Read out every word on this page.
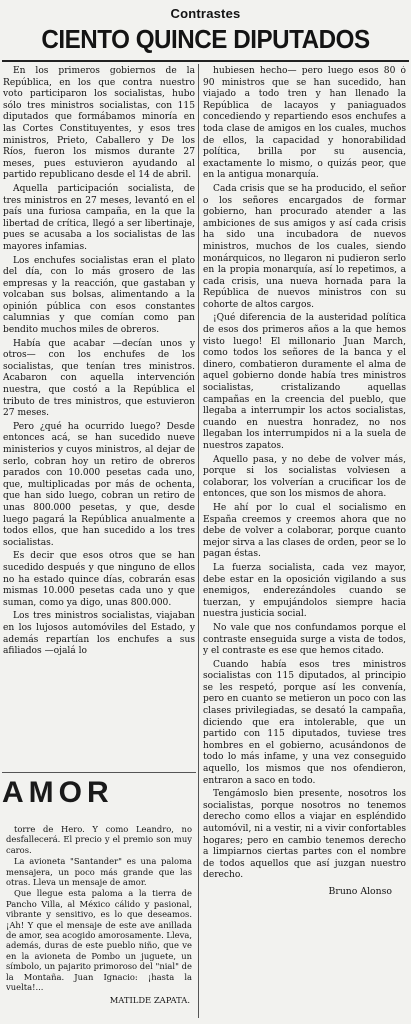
Contrastes
CIENTO QUINCE DIPUTADOS

En los primeros gobiernos de la República, en los que contra nuestro voto participaron los socialistas, hubo sólo tres ministros socialistas, con 115 diputados que formábamos minoría en las Cortes Constituyentes, y esos tres ministros, Prieto, Caballero y De los Ríos, fueron los mismos durante 27 meses, pues estuvieron ayudando al partido republicano desde el 14 de abril.

Aquella participación socialista, de tres ministros en 27 meses, levantó en el país una furiosa campaña, en la que la libertad de crítica, llegó a ser libertinaje, pues se acusaba a los socialistas de las mayores infamias.

Los enchufes socialistas eran el plato del día, con lo más grosero de las empresas y la reacción, que gastaban y volcaban sus bolsas, alimentando a la opinión pública con esos constantes calumnias y que comían como pan bendito muchos miles de obreros.

Había que acabar —decían unos y otros— con los enchufes de los socialistas, que tenían tres ministros. Acabaron con aquella intervención nuestra, que costó a la República el tributo de tres ministros, que estuvieron 27 meses.

Pero ¿qué ha ocurrido luego? Desde entonces acá, se han sucedido nueve ministerios y cuyos ministros, al dejar de serlo, cobran hoy un retiro de obreros parados con 10.000 pesetas cada uno, que, multiplicadas por más de ochenta, que han sido luego, cobran un retiro de unas 800.000 pesetas, y que, desde luego pagará la República anualmente a todos ellos, que han sucedido a los tres socialistas.

Es decir que esos otros que se han sucedido después y que ninguno de ellos no ha estado quince días, cobrarán esas mismas 10.000 pesetas cada uno y que suman, como ya digo, unas 800.000.

Los tres ministros socialistas, viajaban en los lujosos automóviles del Estado, y además repartían los enchufes a sus afiliados —ojalá lo

hubiesen hecho— pero luego esos 80 ó 90 ministros que se han sucedido, han viajado a todo tren y han llenado la República de lacayos y paniaguados concediendo y repartiendo esos enchufes a toda clase de amigos en los cuales, muchos de ellos, la capacidad y honorabilidad política, brilla por su ausencia, exactamente lo mismo, o quizás peor, que en la antigua monarquía.

Cada crisis que se ha producido, el señor o los señores encargados de formar gobierno, han procurado atender a las ambiciones de sus amigos y así cada crisis ha sido una incubadora de nuevos ministros, muchos de los cuales, siendo monárquicos, no llegaron ni pudieron serlo en la propia monarquía, así lo repetimos, a cada crisis, una nueva hornada para la República de nuevos ministros con su cohorte de altos cargos.

¡Qué diferencia de la austeridad política de esos dos primeros años a la que hemos visto luego! El millonario Juan March, como todos los señores de la banca y el dinero, combatieron duramente el alma de aquel gobierno donde había tres ministros socialistas, cristalizando aquellas campañas en la creencia del pueblo, que llegaba a interrumpir los actos socialistas, cuando en nuestra honradez, no nos llegaban los interrumpidos ni a la suela de nuestros zapatos.

Aquello pasa, y no debe de volver más, porque si los socialistas volviesen a colaborar, los volverían a crucificar los de entonces, que son los mismos de ahora.

He ahí por lo cual el socialismo en España creemos y creemos ahora que no debe de volver a colaborar, porque cuanto mejor sirva a las clases de orden, peor se lo pagan éstas.

La fuerza socialista, cada vez mayor, debe estar en la oposición vigilando a sus enemigos, enderezándoles cuando se tuerzan, y empujándolos siempre hacia nuestra justicia social.

No vale que nos confundamos porque el contraste enseguida surge a vista de todos, y el contraste es ese que hemos citado.

Cuando había esos tres ministros socialistas con 115 diputados, al principio se les respetó, porque así les convenía, pero en cuanto se metieron un poco con las clases privilegiadas, se desató la campaña, diciendo que era intolerable, que un partido con 115 diputados, tuviese tres hombres en el gobierno, acusándonos de todo lo más infame, y una vez conseguido aquello, los mismos que nos ofendieron, entraron a saco en todo.

Tengámoslo bien presente, nosotros los socialistas, porque nosotros no tenemos derecho como ellos a viajar en espléndido automóvil, ni a vestir, ni a vivir confortables hogares; pero en cambio tenemos derecho a limpiarnos ciertas partes con el nombre de todos aquellos que así juzgan nuestro derecho.

Bruno Alonso
AMOR

torre de Hero. Y como Leandro, no desfallecerá. El precio y el premio son muy caros.

La avioneta "Santander" es una paloma mensajera, un poco más grande que las otras. Lleva un mensaje de amor.

Que llegue esta paloma a la tierra de Pancho Villa, al México cálido y pasional, vibrante y sensitivo, es lo que deseamos. ¡Ah! Y que el mensaje de este ave anillada de amor, sea acogido amorosamente. Lleva, además, duras de este pueblo niño, que ve en la avioneta de Pombo un juguete, un símbolo, un pajarito primoroso del "nial" de la Montaña. Juan Ignacio: ¡hasta la vuelta!...

MATILDE ZAPATA.
